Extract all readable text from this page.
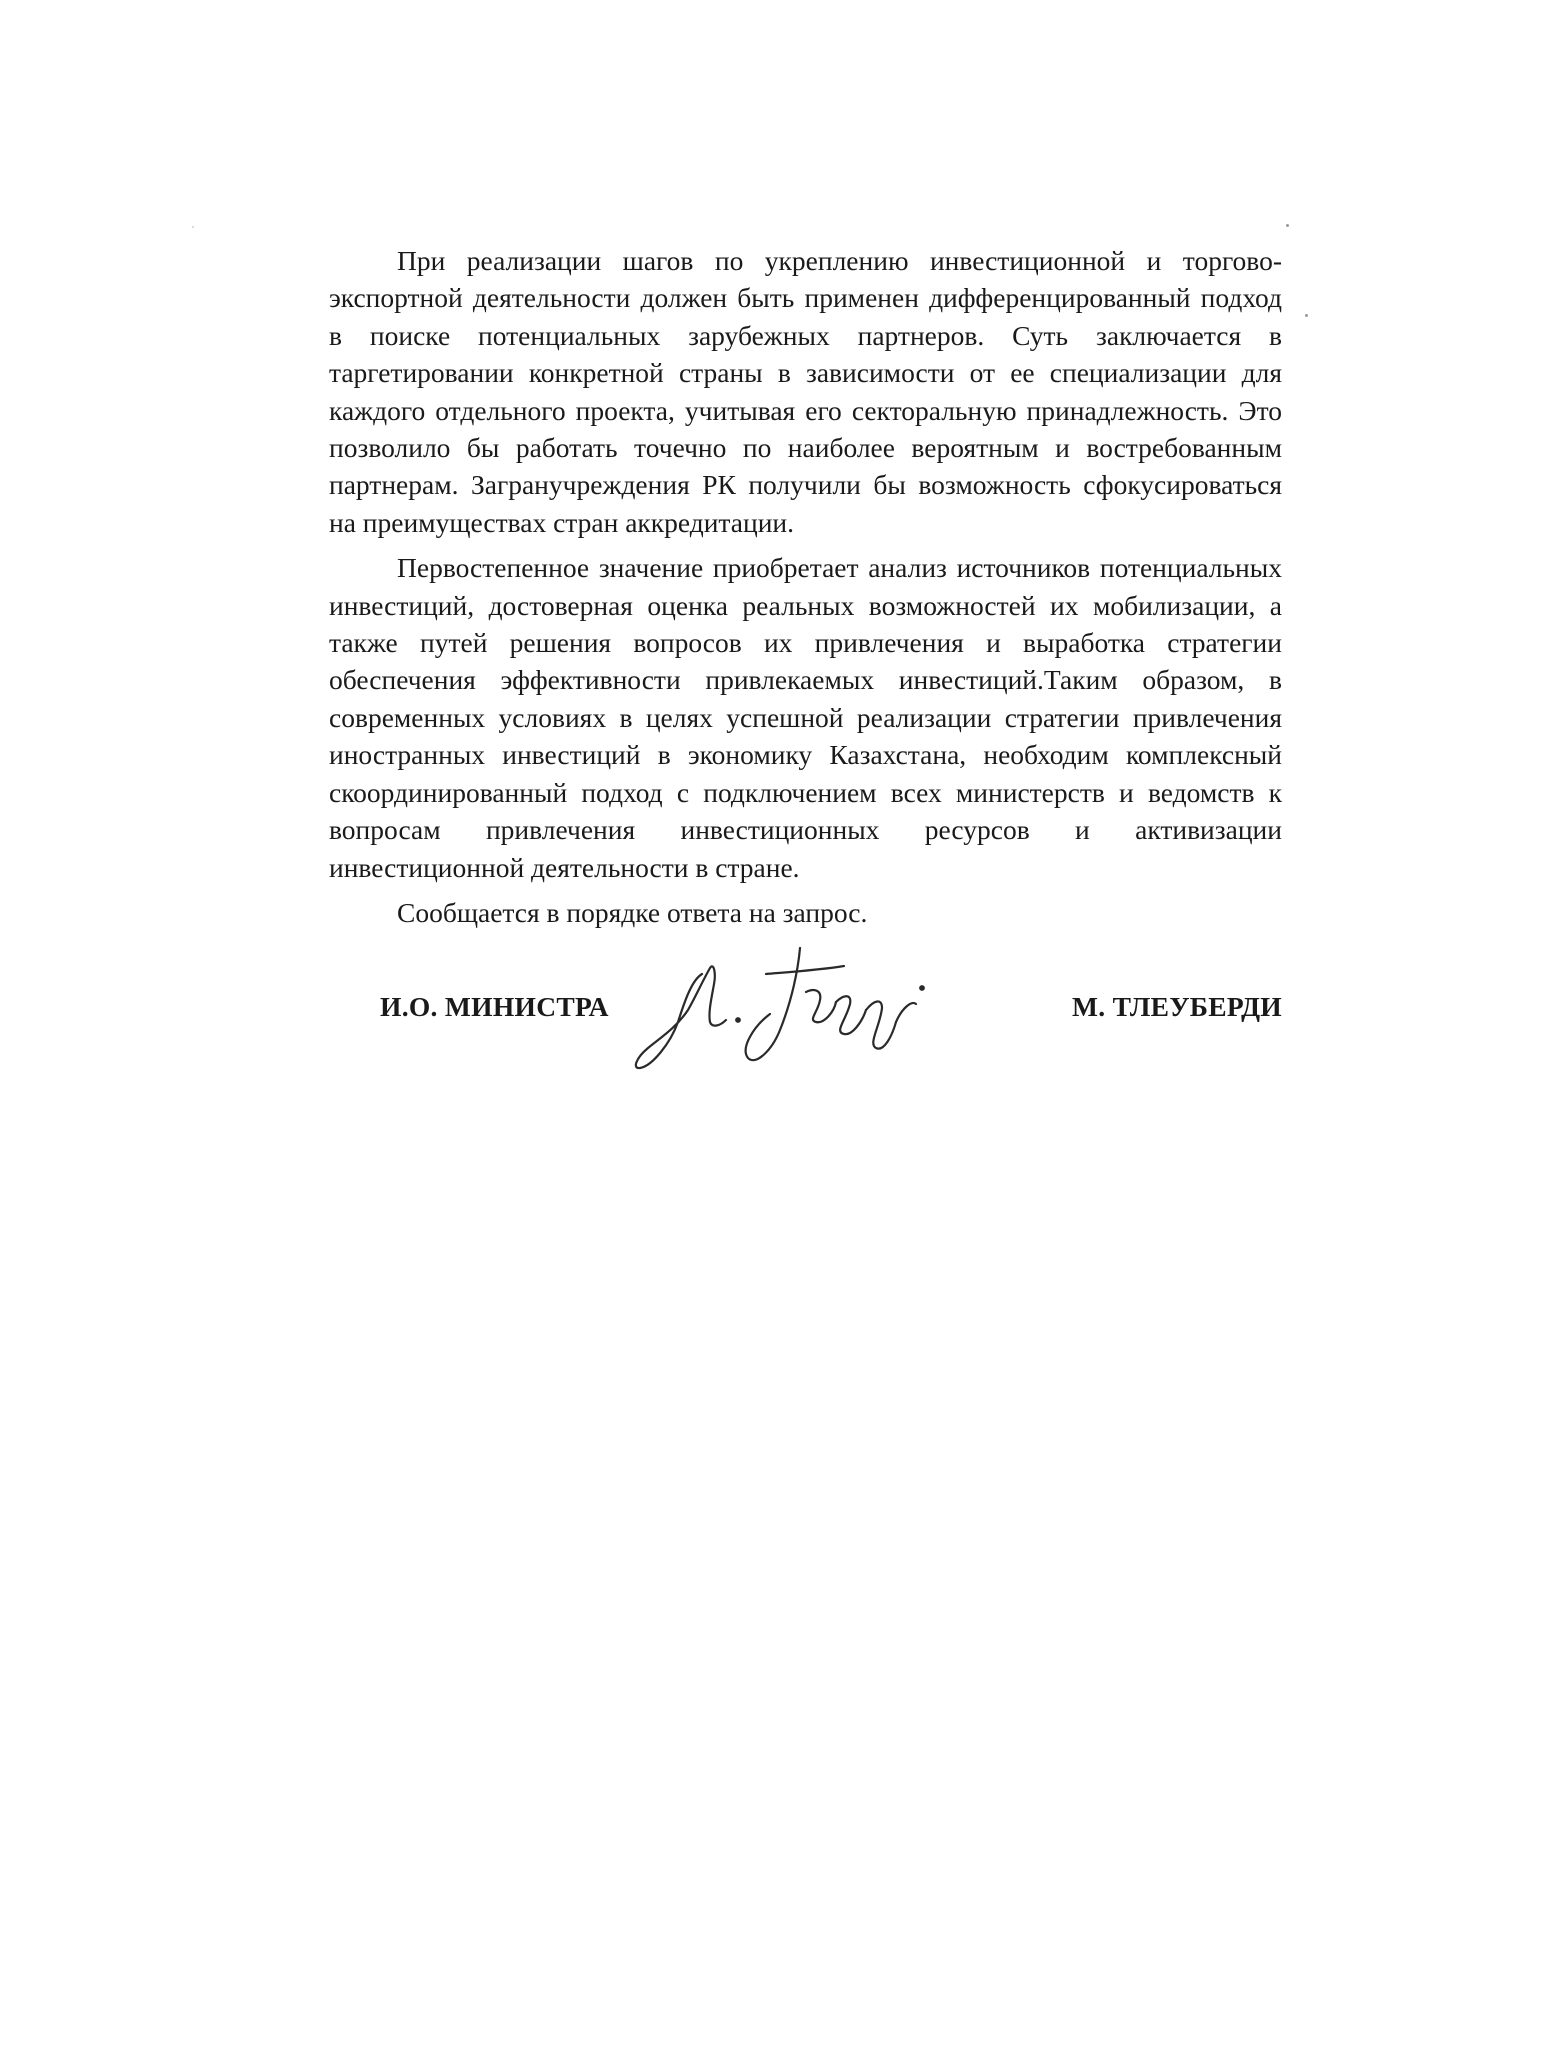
При реализации шагов по укреплению инвестиционной и торгово-экспортной деятельности должен быть применен дифференцированный подход в поиске потенциальных зарубежных партнеров. Суть заключается в таргетировании конкретной страны в зависимости от ее специализации для каждого отдельного проекта, учитывая его секторальную принадлежность. Это позволило бы работать точечно по наиболее вероятным и востребованным партнерам. Загранучреждения РК получили бы возможность сфокусироваться на преимуществах стран аккредитации.

Первостепенное значение приобретает анализ источников потенциальных инвестиций, достоверная оценка реальных возможностей их мобилизации, а также путей решения вопросов их привлечения и выработка стратегии обеспечения эффективности привлекаемых инвестиций.Таким образом, в современных условиях в целях успешной реализации стратегии привлечения иностранных инвестиций в экономику Казахстана, необходим комплексный скоординированный подход с подключением всех министерств и ведомств к вопросам привлечения инвестиционных ресурсов и активизации инвестиционной деятельности в стране.

Сообщается в порядке ответа на запрос.

И.О. МИНИСТРА	М. ТЛЕУБЕРДИ
